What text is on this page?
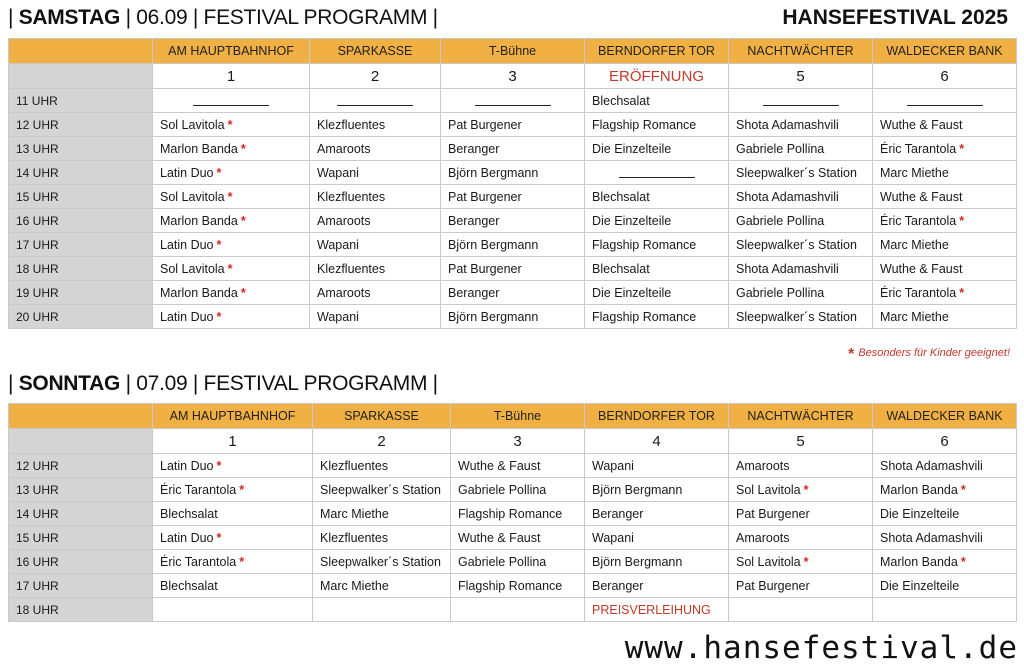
| SAMSTAG | 06.09 | FESTIVAL PROGRAMM |	HANSEFESTIVAL 2025
	AM HAUPTBAHNHOF	SPARKASSE	T-Bühne	BERNDORFER TOR	NACHTWÄCHTER	WALDECKER BANK
	1	2	3	ERÖFFNUNG	5	6
11 UHR				Blechsalat		
12 UHR	Sol Lavitola *	Klezfluentes	Pat Burgener	Flagship Romance	Shota Adamashvili	Wuthe & Faust
13 UHR	Marlon Banda *	Amaroots	Beranger	Die Einzelteile	Gabriele Pollina	Éric Tarantola *
14 UHR	Latin Duo *	Wapani	Björn Bergmann		Sleepwalker´s Station	Marc Miethe
15 UHR	Sol Lavitola *	Klezfluentes	Pat Burgener	Blechsalat	Shota Adamashvili	Wuthe & Faust
16 UHR	Marlon Banda *	Amaroots	Beranger	Die Einzelteile	Gabriele Pollina	Éric Tarantola *
17 UHR	Latin Duo *	Wapani	Björn Bergmann	Flagship Romance	Sleepwalker´s Station	Marc Miethe
18 UHR	Sol Lavitola *	Klezfluentes	Pat Burgener	Blechsalat	Shota Adamashvili	Wuthe & Faust
19 UHR	Marlon Banda *	Amaroots	Beranger	Die Einzelteile	Gabriele Pollina	Éric Tarantola *
20 UHR	Latin Duo *	Wapani	Björn Bergmann	Flagship Romance	Sleepwalker´s Station	Marc Miethe
* Besonders für Kinder geeignet!
| SONNTAG | 07.09 | FESTIVAL PROGRAMM |
	AM HAUPTBAHNHOF	SPARKASSE	T-Bühne	BERNDORFER TOR	NACHTWÄCHTER	WALDECKER BANK
	1	2	3	4	5	6
12 UHR	Latin Duo *	Klezfluentes	Wuthe & Faust	Wapani	Amaroots	Shota Adamashvili
13 UHR	Éric Tarantola *	Sleepwalker´s Station	Gabriele Pollina	Björn Bergmann	Sol Lavitola *	Marlon Banda *
14 UHR	Blechsalat	Marc Miethe	Flagship Romance	Beranger	Pat Burgener	Die Einzelteile
15 UHR	Latin Duo *	Klezfluentes	Wuthe & Faust	Wapani	Amaroots	Shota Adamashvili
16 UHR	Éric Tarantola *	Sleepwalker´s Station	Gabriele Pollina	Björn Bergmann	Sol Lavitola *	Marlon Banda *
17 UHR	Blechsalat	Marc Miethe	Flagship Romance	Beranger	Pat Burgener	Die Einzelteile
18 UHR				PREISVERLEIHUNG		
www.hansefestival.de
